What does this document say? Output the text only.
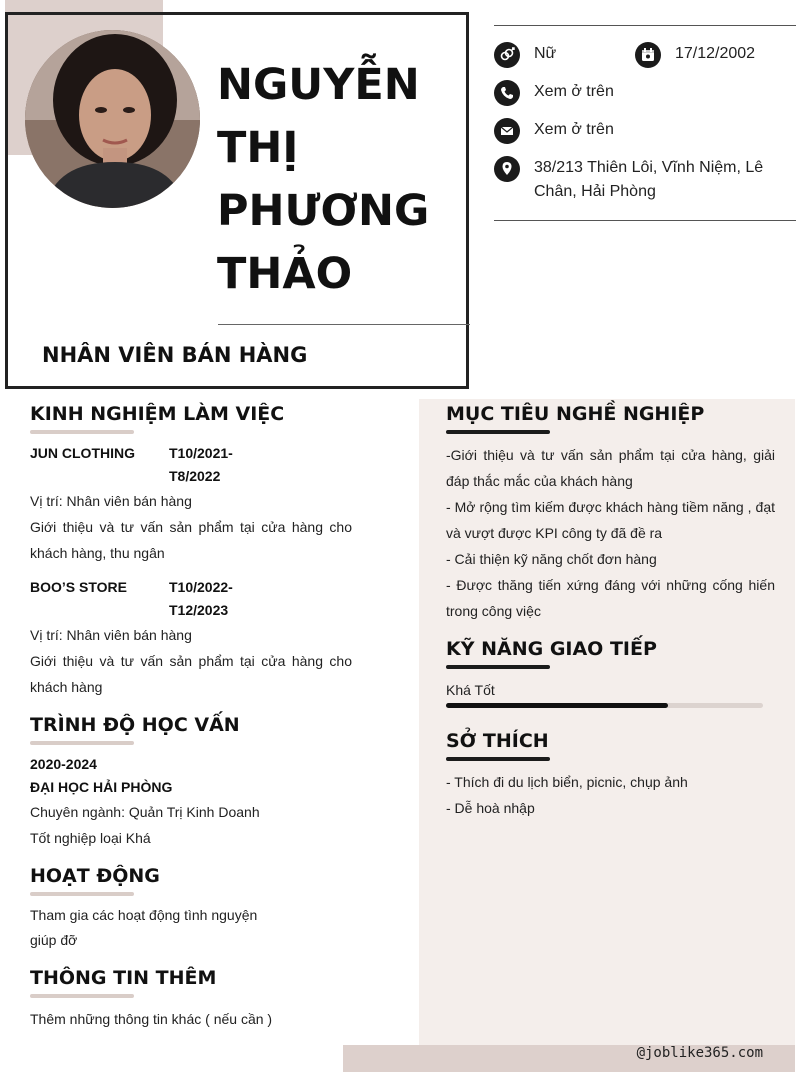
NGUYỄN
THỊ
PHƯƠNG
THẢO
NHÂN VIÊN BÁN HÀNG
Nữ	17/12/2002
Xem ở trên
Xem ở trên
38/213 Thiên Lôi, Vĩnh Niệm, Lê Chân, Hải Phòng
KINH NGHIỆM LÀM VIỆC
JUN CLOTHING T10/2021-
T8/2022
Vị trí: Nhân viên bán hàng
Giới thiệu và tư vấn sản phẩm tại cửa hàng cho khách hàng, thu ngân
BOO’S STORE	T10/2022-
T12/2023
Vị trí: Nhân viên bán hàng
Giới thiệu và tư vấn sản phẩm tại cửa hàng cho khách hàng
TRÌNH ĐỘ HỌC VẤN
2020-2024
ĐẠI HỌC HẢI PHÒNG
Chuyên ngành: Quản Trị Kinh Doanh
Tốt nghiệp loại Khá
HOẠT ĐỘNG
Tham gia các hoạt động tình nguyện
giúp đỡ
THÔNG TIN THÊM
Thêm những thông tin khác ( nếu cần )
MỤC TIÊU NGHỀ NGHIỆP
-Giới thiệu và tư vấn sản phẩm tại cửa hàng, giải đáp thắc mắc của khách hàng
- Mở rộng tìm kiếm được khách hàng tiềm năng , đạt và vượt được KPI công ty đã đề ra
- Cải thiện kỹ năng chốt đơn hàng
- Được thăng tiến xứng đáng với những cống hiến trong công việc
KỸ NĂNG GIAO TIẾP
Khá Tốt
SỞ THÍCH
- Thích đi du lịch biển, picnic, chụp ảnh
- Dễ hoà nhập
@joblike365.com
